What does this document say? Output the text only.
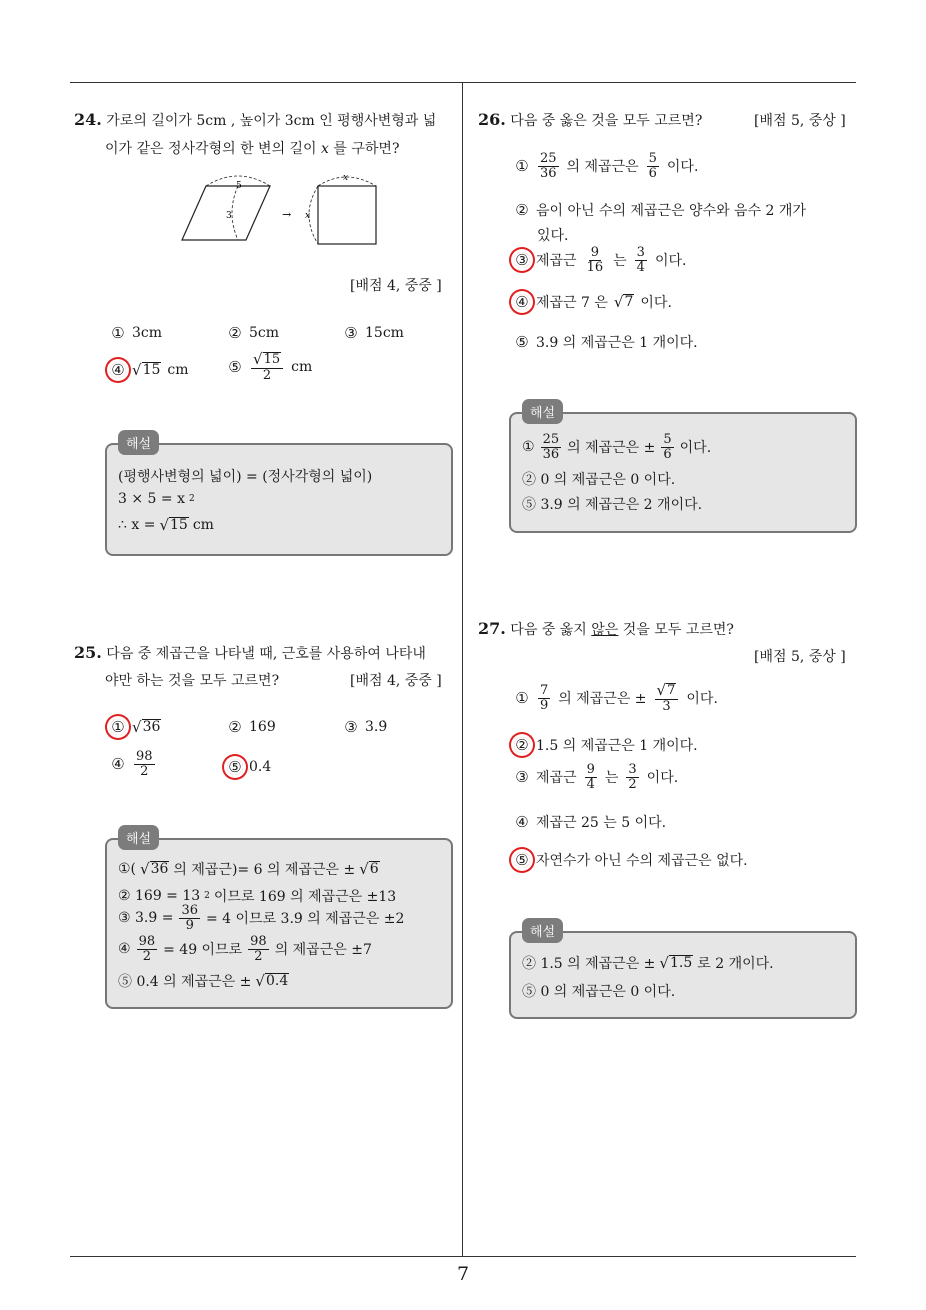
7
24. 가로의 길이가 5cm , 높이가 3cm 인 평행사변형과 넓
이가 같은 정사각형의 한 변의 길이 x 를 구하면?
5
3	→
x
x
[배점 4, 중중 ]
① 3cm	② 5cm	③ 15cm
④ √ 15 cm	⑤ $\frac{√ 15}{2}$ cm
해설
(평행사변형의 넓이) = (정사각형의 넓이)
3 × 5 = x 2
∴ x = √ 15 cm
25. 다음 중 제곱근을 나타낼 때, 근호를 사용하여 나타내
야만 하는 것을 모두 고르면?	[배점 4, 중중 ]
① √ 36	② 169	③ 3.9̇
④ $\frac{98}{2}$	⑤ 0.4
해설
①( √ 36 의 제곱근)= 6 의 제곱근은 ± √ 6
② 169 = 13 2 이므로 169 의 제곱근은 ±13
③ 3.9̇ = $\frac{36}{9} = 4$ 이므로 3.9̇ 의 제곱근은 ±2
④ $\frac{98}{2} = 49$ 이므로 $\frac{98}{2}$ 의 제곱근은 ±7
⑤ 0.4 의 제곱근은 ± √ 0.4
26. 다음 중 옳은 것을 모두 고르면?	[배점 5, 중상 ]
① $\frac{25}{36}$ 의 제곱근은 $\frac{5}{6}$ 이다.
② 음이 아닌 수의 제곱근은 양수와 음수 2 개가
있다.
③ 제곱근 $\frac{9}{16}$ 는 $\frac{3}{4}$ 이다.
④ 제곱근 7 은 √ 7 이다.
⑤ 3.9 의 제곱근은 1 개이다.
해설
① $\frac{25}{36}$ 의 제곱근은 ± $\frac{5}{6}$ 이다.
② 0 의 제곱근은 0 이다.
⑤ 3.9 의 제곱근은 2 개이다.
27. 다음 중 옳지 않은 것을 모두 고르면?
[배점 5, 중상 ]
① $\frac{7}{9}$ 의 제곱근은 ± $\frac{√ 7}{3}$ 이다.
② 1.5 의 제곱근은 1 개이다.
③ 제곱근 $\frac{9}{4}$ 는 $\frac{3}{2}$ 이다.
④ 제곱근 25 는 5 이다.
⑤ 자연수가 아닌 수의 제곱근은 없다.
해설
② 1.5 의 제곱근은 ± √ 1.5 로 2 개이다.
⑤ 0 의 제곱근은 0 이다.
